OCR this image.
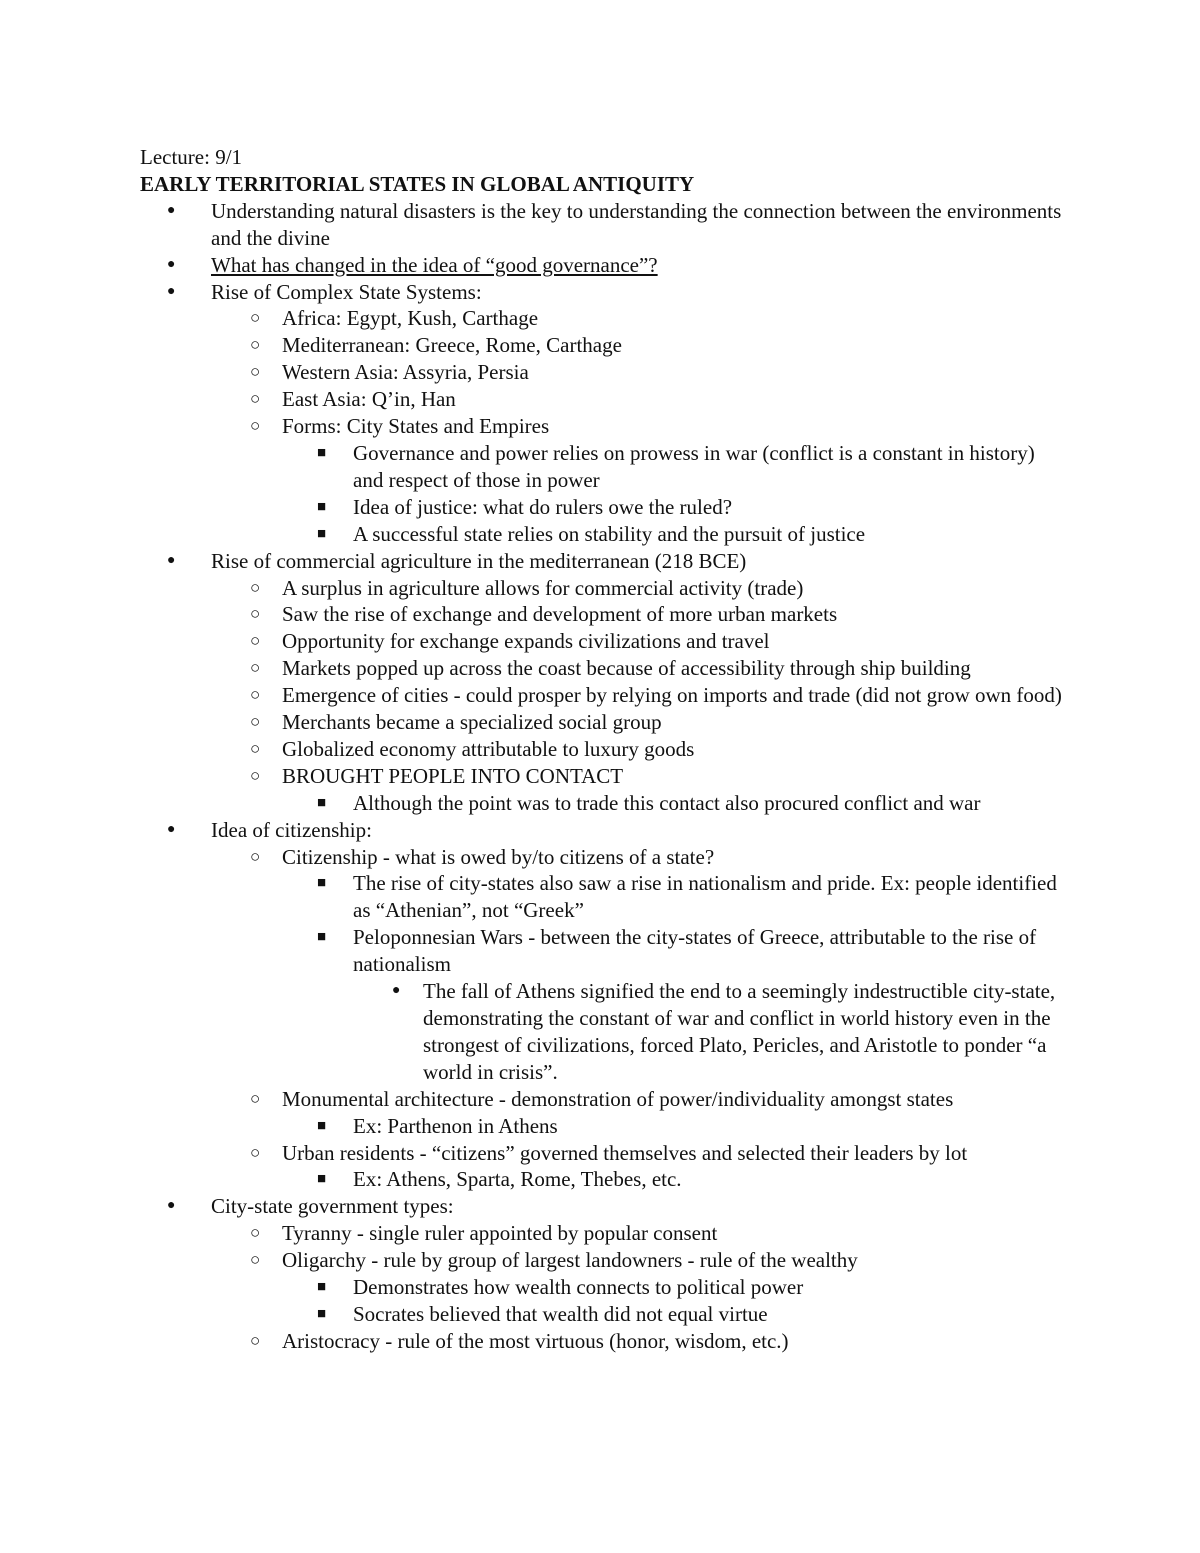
Lecture: 9/1
EARLY TERRITORIAL STATES IN GLOBAL ANTIQUITY
● Understanding natural disasters is the key to understanding the connection between the environments and the divine
● What has changed in the idea of “good governance”?
● Rise of Complex State Systems:
○ Africa: Egypt, Kush, Carthage
○ Mediterranean: Greece, Rome, Carthage
○ Western Asia: Assyria, Persia
○ East Asia: Q’in, Han
○ Forms: City States and Empires
■ Governance and power relies on prowess in war (conflict is a constant in history) and respect of those in power
■ Idea of justice: what do rulers owe the ruled?
■ A successful state relies on stability and the pursuit of justice
● Rise of commercial agriculture in the mediterranean (218 BCE)
○ A surplus in agriculture allows for commercial activity (trade)
○ Saw the rise of exchange and development of more urban markets
○ Opportunity for exchange expands civilizations and travel
○ Markets popped up across the coast because of accessibility through ship building
○ Emergence of cities - could prosper by relying on imports and trade (did not grow own food)
○ Merchants became a specialized social group
○ Globalized economy attributable to luxury goods
○ BROUGHT PEOPLE INTO CONTACT
■ Although the point was to trade this contact also procured conflict and war
● Idea of citizenship:
○ Citizenship - what is owed by/to citizens of a state?
■ The rise of city-states also saw a rise in nationalism and pride. Ex: people identified as “Athenian”, not “Greek”
■ Peloponnesian Wars - between the city-states of Greece, attributable to the rise of nationalism
● The fall of Athens signified the end to a seemingly indestructible city-state, demonstrating the constant of war and conflict in world history even in the strongest of civilizations, forced Plato, Pericles, and Aristotle to ponder “a world in crisis”.
○ Monumental architecture - demonstration of power/individuality amongst states
■ Ex: Parthenon in Athens
○ Urban residents - “citizens” governed themselves and selected their leaders by lot
■ Ex: Athens, Sparta, Rome, Thebes, etc.
● City-state government types:
○ Tyranny - single ruler appointed by popular consent
○ Oligarchy - rule by group of largest landowners - rule of the wealthy
■ Demonstrates how wealth connects to political power
■ Socrates believed that wealth did not equal virtue
○ Aristocracy - rule of the most virtuous (honor, wisdom, etc.)
